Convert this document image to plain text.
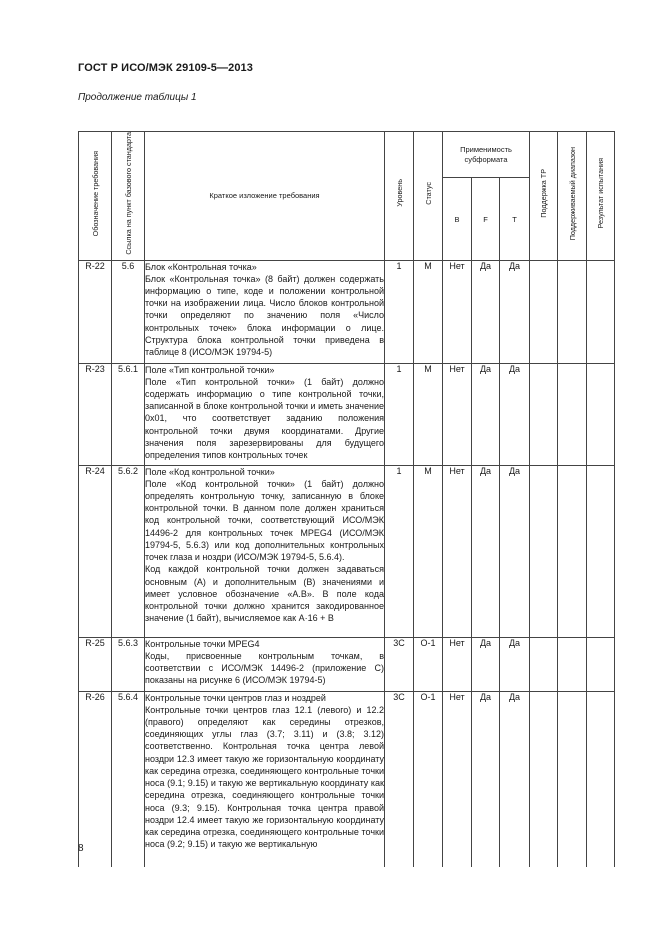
ГОСТ Р ИСО/МЭК 29109-5—2013
Продолжение таблицы 1
Обозначение требования	Ссылка на пункт базового стандарта	Краткое изложение требования	Уровень	Статус	Применимость субформата			Поддержка ТР	Поддерживаемый диапазон	Результат испытания
					B	F	T			
R-22	5.6	Блок «Контрольная точка»

Блок «Контрольная точка» (8 байт) должен содержать информацию о типе, коде и положении контрольной точки на изображении лица. Число блоков контрольной точки определяют по значению поля «Число контрольных точек» блока информации о лице. Структура блока контрольной точки приведена в таблице 8 (ИСО/МЭК 19794-5)	1	M	Нет	Да	Да			
R-23	5.6.1	Поле «Тип контрольной точки»

Поле «Тип контрольной точки» (1 байт) должно содержать информацию о типе контрольной точки, записанной в блоке контрольной точки и иметь значение 0x01, что соответствует заданию положения контрольной точки двумя координатами. Другие значения поля зарезервированы для будущего определения типов контрольных точек	1	M	Нет	Да	Да			
R-24	5.6.2	Поле «Код контрольной точки»

Поле «Код контрольной точки» (1 байт) должно определять контрольную точку, записанную в блоке контрольной точки. В данном поле должен храниться код контрольной точки, соответствующий ИСО/МЭК 14496-2 для контрольных точек MPEG4 (ИСО/МЭК 19794-5, 5.6.3) или код дополнительных контрольных точек глаза и ноздри (ИСО/МЭК 19794-5, 5.6.4).

Код каждой контрольной точки должен задаваться основным (А) и дополнительным (В) значениями и имеет условное обозначение «А.В». В поле кода контрольной точки должно хранится закодированное значение (1 байт), вычисляемое как А·16 + В	1	M	Нет	Да	Да			
R-25	5.6.3	Контрольные точки MPEG4

Коды, присвоенные контрольным точкам, в соответствии с ИСО/МЭК 14496-2 (приложение С) показаны на рисунке 6 (ИСО/МЭК 19794-5)	3С	О-1	Нет	Да	Да			
R-26	5.6.4	Контрольные точки центров глаз и ноздрей

Контрольные точки центров глаз 12.1 (левого) и 12.2 (правого) определяют как середины отрезков, соединяющих углы глаз (3.7; 3.11) и (3.8; 3.12) соответственно. Контрольная точка центра левой ноздри 12.3 имеет такую же горизонтальную координату как середина отрезка, соединяющего контрольные точки носа (9.1; 9.15) и такую же вертикальную координату как середина отрезка, соединяющего контрольные точки носа (9.3; 9.15). Контрольная точка центра правой ноздри 12.4 имеет такую же горизонтальную координату как середина отрезка, соединяющего контрольные точки носа (9.2; 9.15) и такую же вертикальную	3С	О-1	Нет	Да	Да			
8
